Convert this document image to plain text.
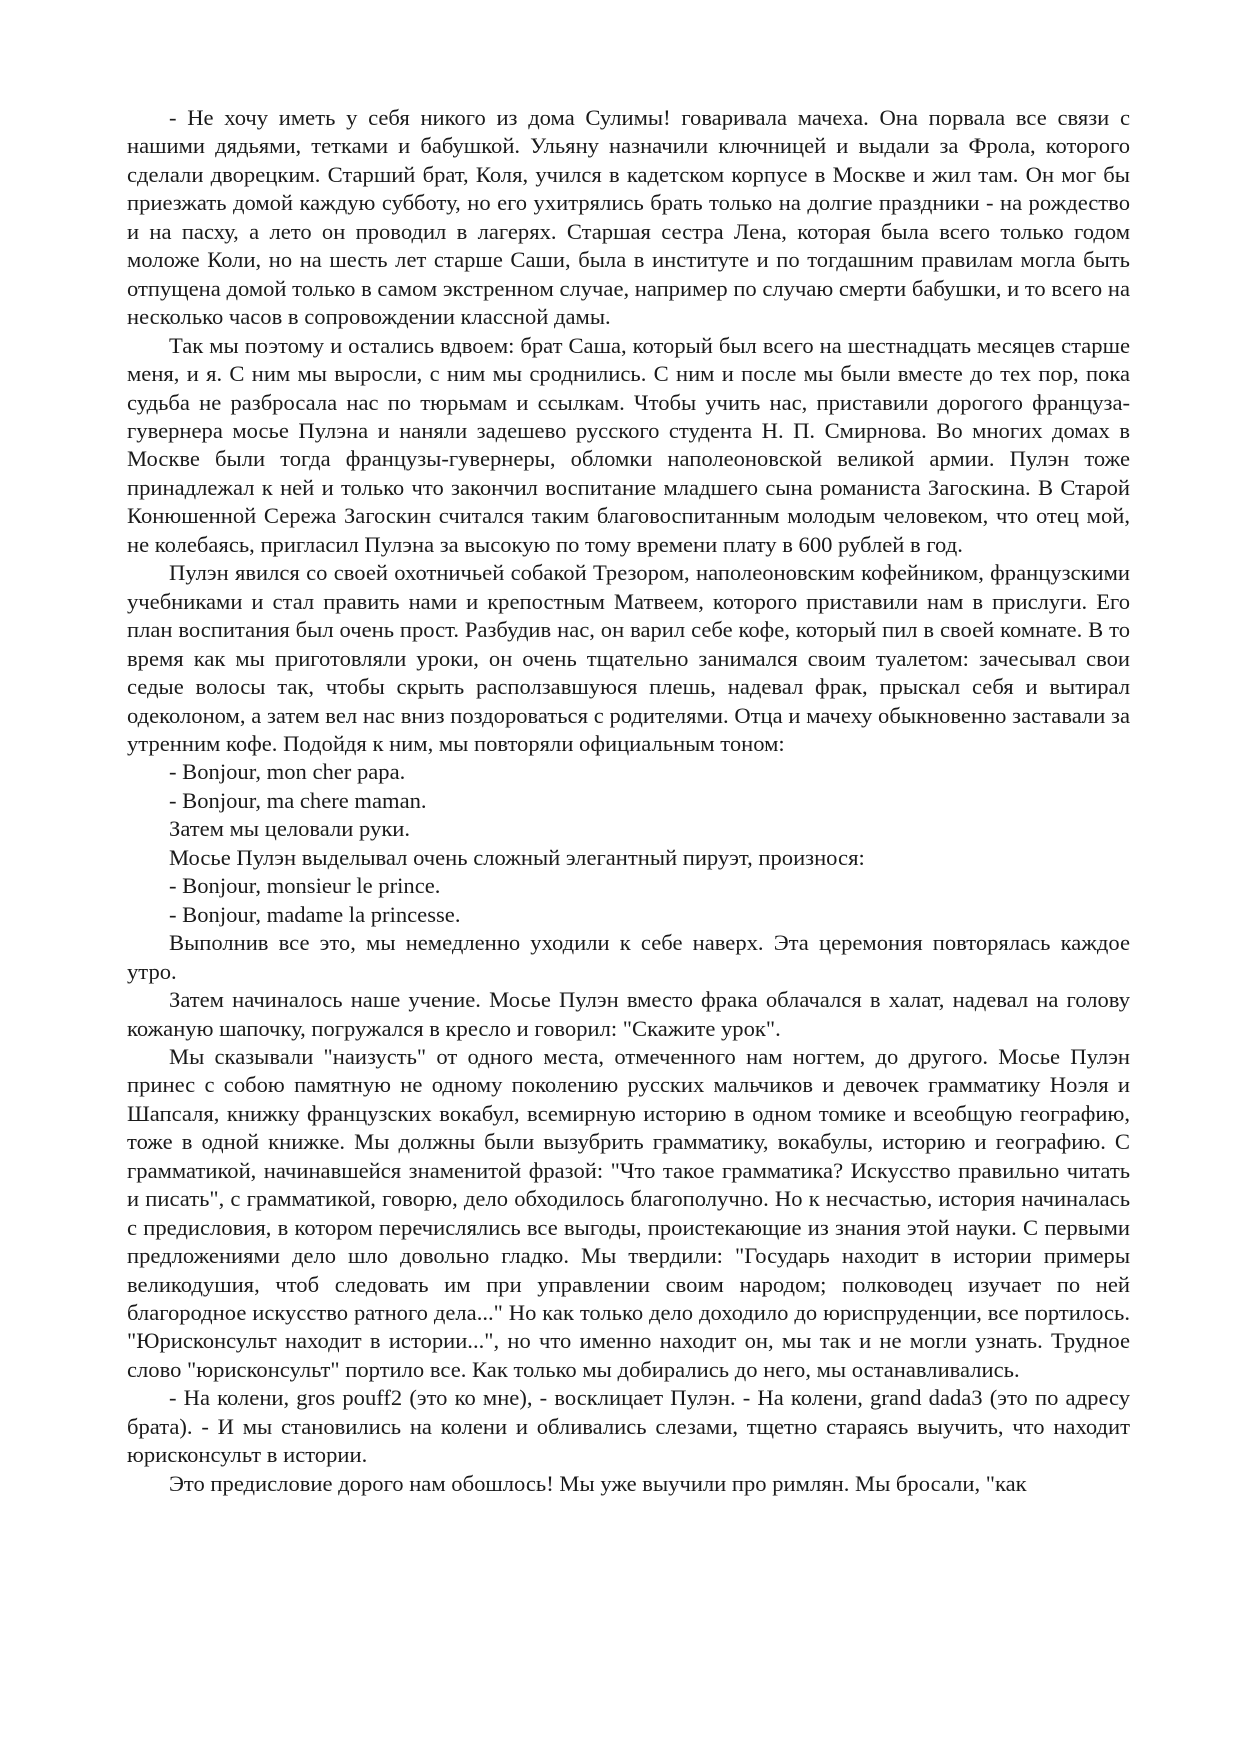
- Не хочу иметь у себя никого из дома Сулимы! говаривала мачеха. Она порвала все связи с нашими дядьями, тетками и бабушкой. Ульяну назначили ключницей и выдали за Фрола, которого сделали дворецким. Старший брат, Коля, учился в кадетском корпусе в Москве и жил там. Он мог бы приезжать домой каждую субботу, но его ухитрялись брать только на долгие праздники - на рождество и на пасху, а лето он проводил в лагерях. Старшая сестра Лена, которая была всего только годом моложе Коли, но на шесть лет старше Саши, была в институте и по тогдашним правилам могла быть отпущена домой только в самом экстренном случае, например по случаю смерти бабушки, и то всего на несколько часов в сопровождении классной дамы.

Так мы поэтому и остались вдвоем: брат Саша, который был всего на шестнадцать месяцев старше меня, и я. С ним мы выросли, с ним мы сроднились. С ним и после мы были вместе до тех пор, пока судьба не разбросала нас по тюрьмам и ссылкам. Чтобы учить нас, приставили дорогого француза-гувернера мосье Пулэна и наняли задешево русского студента Н. П. Смирнова. Во многих домах в Москве были тогда французы-гувернеры, обломки наполеоновской великой армии. Пулэн тоже принадлежал к ней и только что закончил воспитание младшего сына романиста Загоскина. В Старой Конюшенной Сережа Загоскин считался таким благовоспитанным молодым человеком, что отец мой, не колебаясь, пригласил Пулэна за высокую по тому времени плату в 600 рублей в год.

Пулэн явился со своей охотничьей собакой Трезором, наполеоновским кофейником, французскими учебниками и стал править нами и крепостным Матвеем, которого приставили нам в прислуги. Его план воспитания был очень прост. Разбудив нас, он варил себе кофе, который пил в своей комнате. В то время как мы приготовляли уроки, он очень тщательно занимался своим туалетом: зачесывал свои седые волосы так, чтобы скрыть расползавшуюся плешь, надевал фрак, прыскал себя и вытирал одеколоном, а затем вел нас вниз поздороваться с родителями. Отца и мачеху обыкновенно заставали за утренним кофе. Подойдя к ним, мы повторяли официальным тоном:

- Bonjour, mon cher papa.

- Bonjour, ma chere maman.

Затем мы целовали руки.

Мосье Пулэн выделывал очень сложный элегантный пируэт, произнося:

- Bonjour, monsieur le prince.

- Bonjour, madame la princesse.

Выполнив все это, мы немедленно уходили к себе наверх. Эта церемония повторялась каждое утро.

Затем начиналось наше учение. Мосье Пулэн вместо фрака облачался в халат, надевал на голову кожаную шапочку, погружался в кресло и говорил: "Скажите урок".

Мы сказывали "наизусть" от одного места, отмеченного нам ногтем, до другого. Мосье Пулэн принес с собою памятную не одному поколению русских мальчиков и девочек грамматику Ноэля и Шапсаля, книжку французских вокабул, всемирную историю в одном томике и всеобщую географию, тоже в одной книжке. Мы должны были вызубрить грамматику, вокабулы, историю и географию. С грамматикой, начинавшейся знаменитой фразой: "Что такое грамматика? Искусство правильно читать и писать", с грамматикой, говорю, дело обходилось благополучно. Но к несчастью, история начиналась с предисловия, в котором перечислялись все выгоды, проистекающие из знания этой науки. С первыми предложениями дело шло довольно гладко. Мы твердили: "Государь находит в истории примеры великодушия, чтоб следовать им при управлении своим народом; полководец изучает по ней благородное искусство ратного дела..." Но как только дело доходило до юриспруденции, все портилось. "Юрисконсульт находит в истории...", но что именно находит он, мы так и не могли узнать. Трудное слово "юрисконсульт" портило все. Как только мы добирались до него, мы останавливались.

- На колени, gros pouff2 (это ко мне), - восклицает Пулэн. - На колени, grand dada3 (это по адресу брата). - И мы становились на колени и обливались слезами, тщетно стараясь выучить, что находит юрисконсульт в истории.

Это предисловие дорого нам обошлось! Мы уже выучили про римлян. Мы бросали, "как
